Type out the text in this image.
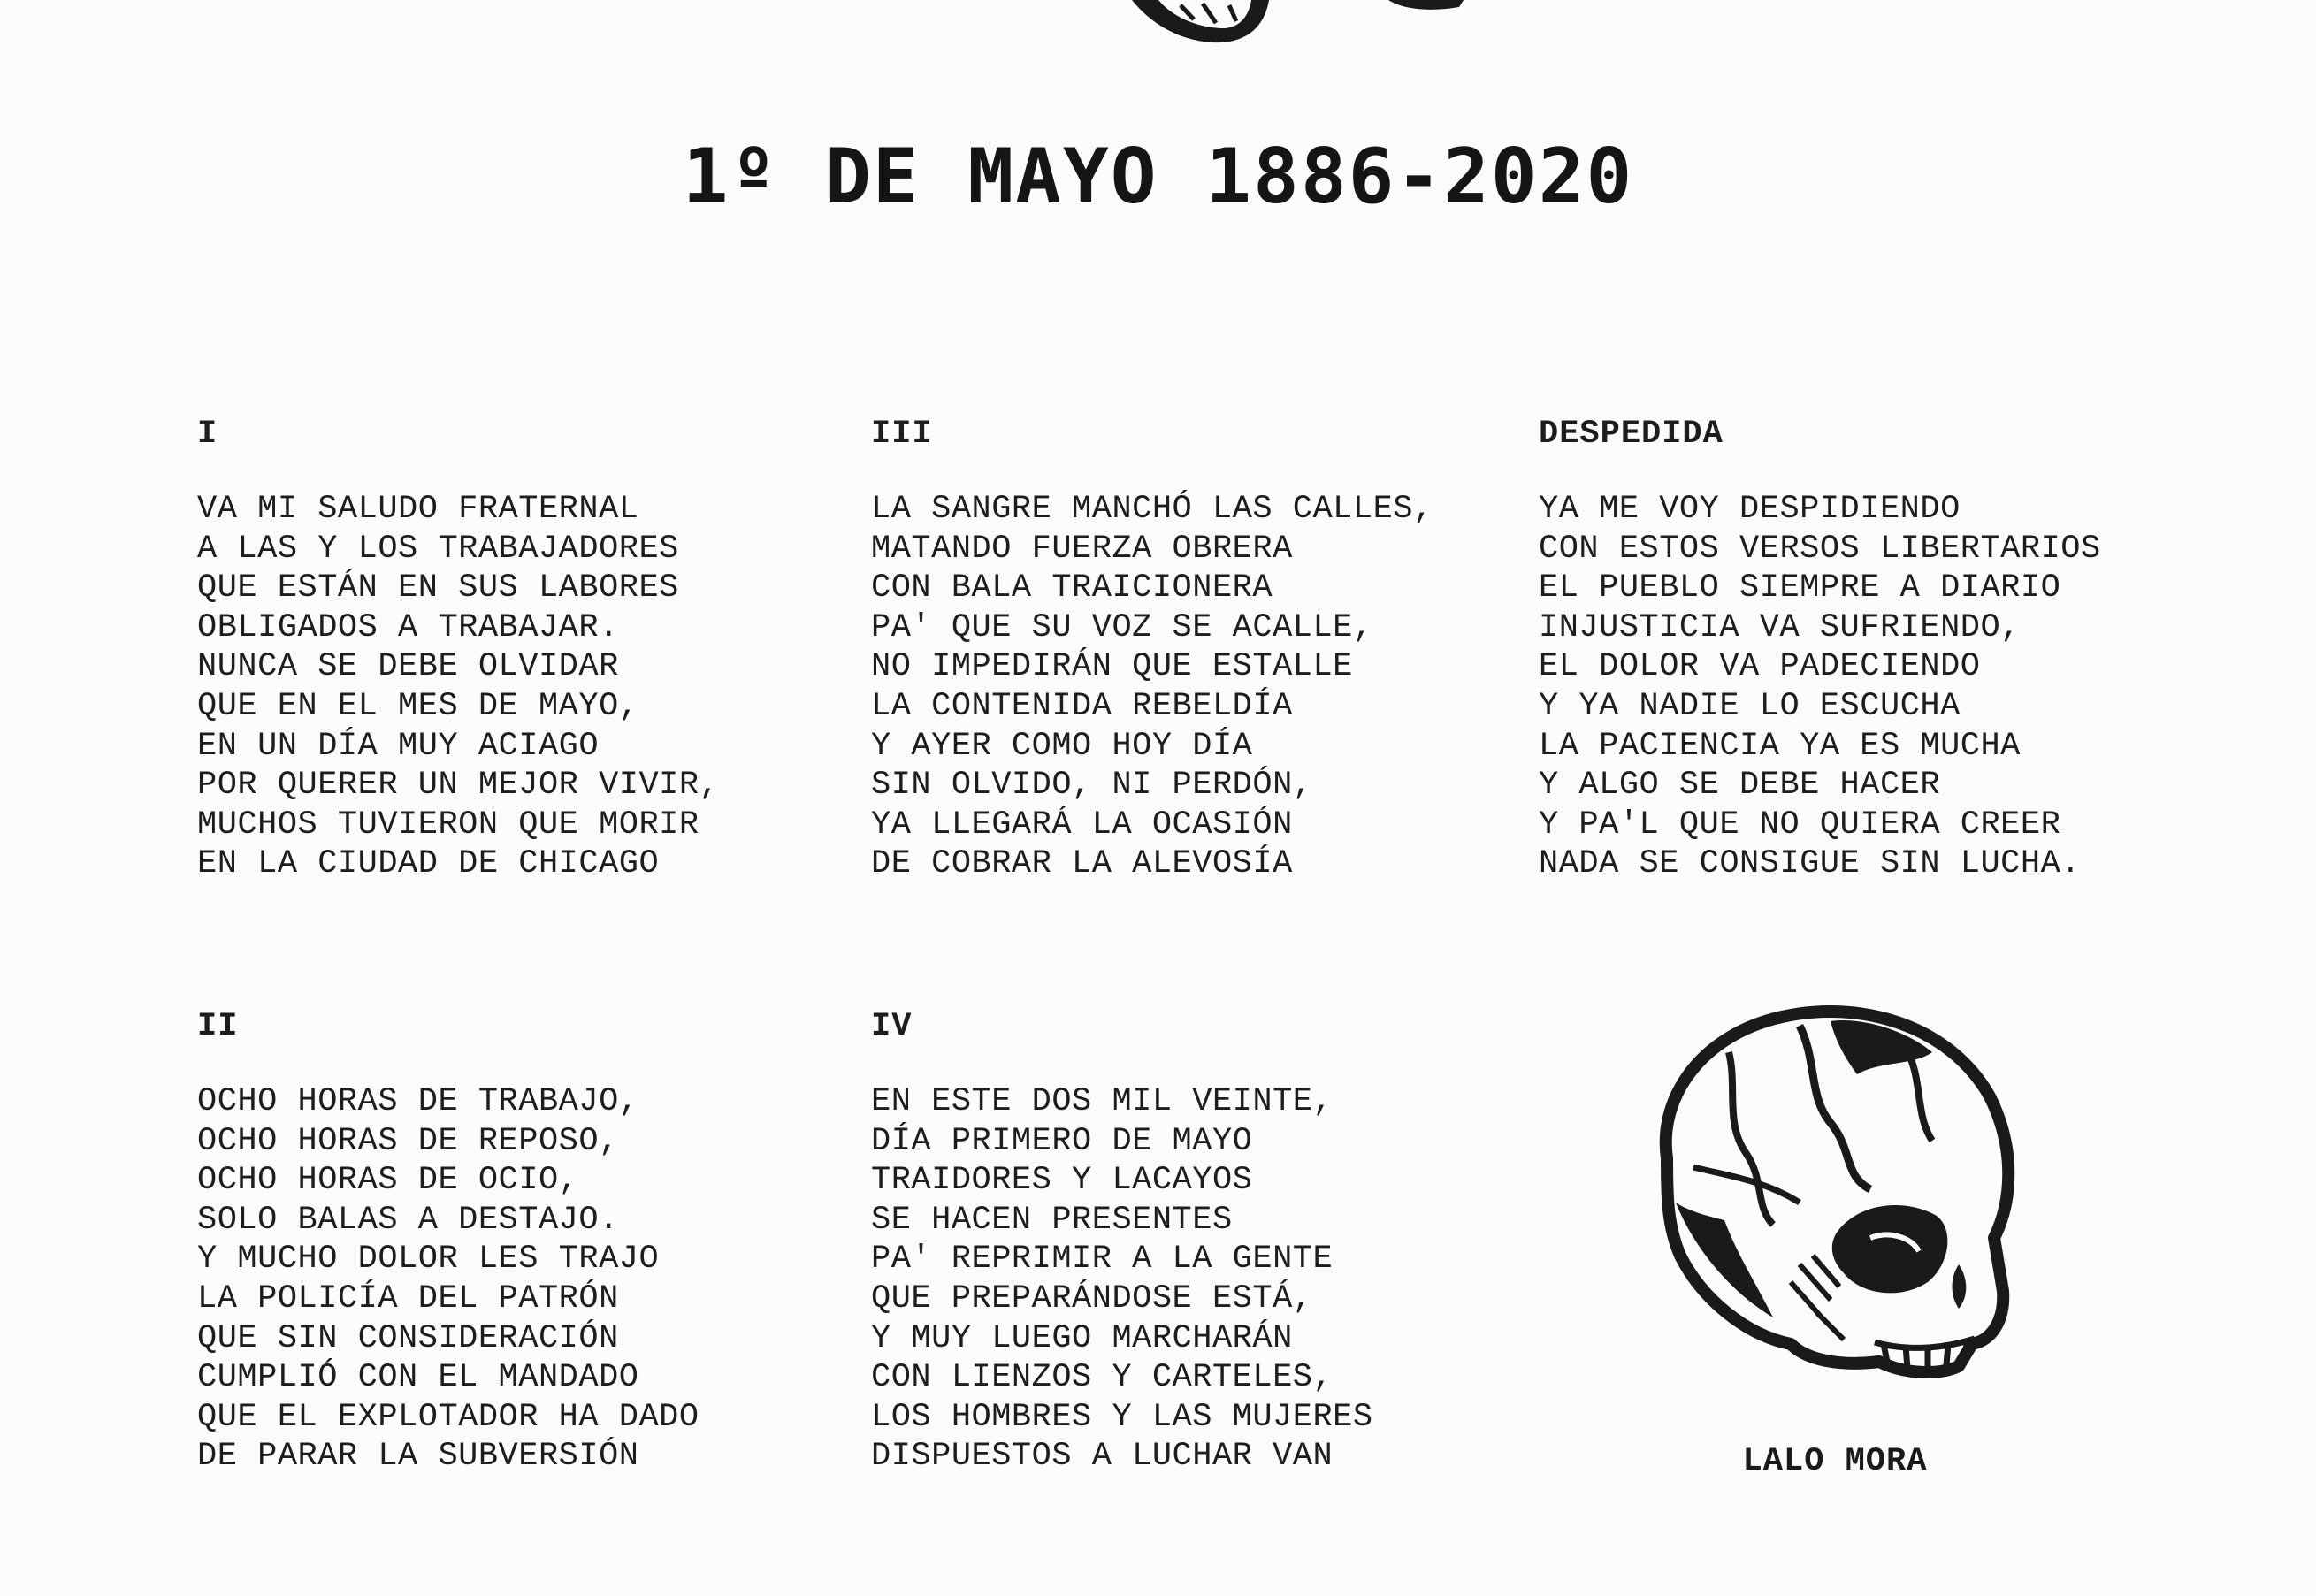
1º DE MAYO 1886-2020
I
VA MI SALUDO FRATERNAL
A LAS Y LOS TRABAJADORES
QUE ESTÁN EN SUS LABORES
OBLIGADOS A TRABAJAR.
NUNCA SE DEBE OLVIDAR
QUE EN EL MES DE MAYO,
EN UN DÍA MUY ACIAGO
POR QUERER UN MEJOR VIVIR,
MUCHOS TUVIERON QUE MORIR
EN LA CIUDAD DE CHICAGO
III
LA SANGRE MANCHÓ LAS CALLES,
MATANDO FUERZA OBRERA
CON BALA TRAICIONERA
PA' QUE SU VOZ SE ACALLE,
NO IMPEDIRÁN QUE ESTALLE
LA CONTENIDA REBELDÍA
Y AYER COMO HOY DÍA
SIN OLVIDO, NI PERDÓN,
YA LLEGARÁ LA OCASIÓN
DE COBRAR LA ALEVOSÍA
DESPEDIDA
YA ME VOY DESPIDIENDO
CON ESTOS VERSOS LIBERTARIOS
EL PUEBLO SIEMPRE A DIARIO
INJUSTICIA VA SUFRIENDO,
EL DOLOR VA PADECIENDO
Y YA NADIE LO ESCUCHA
LA PACIENCIA YA ES MUCHA
Y ALGO SE DEBE HACER
Y PA'L QUE NO QUIERA CREER
NADA SE CONSIGUE SIN LUCHA.
II
OCHO HORAS DE TRABAJO,
OCHO HORAS DE REPOSO,
OCHO HORAS DE OCIO,
SOLO BALAS A DESTAJO.
Y MUCHO DOLOR LES TRAJO
LA POLICÍA DEL PATRÓN
QUE SIN CONSIDERACIÓN
CUMPLIÓ CON EL MANDADO
QUE EL EXPLOTADOR HA DADO
DE PARAR LA SUBVERSIÓN
IV
EN ESTE DOS MIL VEINTE,
DÍA PRIMERO DE MAYO
TRAIDORES Y LACAYOS
SE HACEN PRESENTES
PA' REPRIMIR A LA GENTE
QUE PREPARÁNDOSE ESTÁ,
Y MUY LUEGO MARCHARÁN
CON LIENZOS Y CARTELES,
LOS HOMBRES Y LAS MUJERES
DISPUESTOS A LUCHAR VAN	LALO MORA
